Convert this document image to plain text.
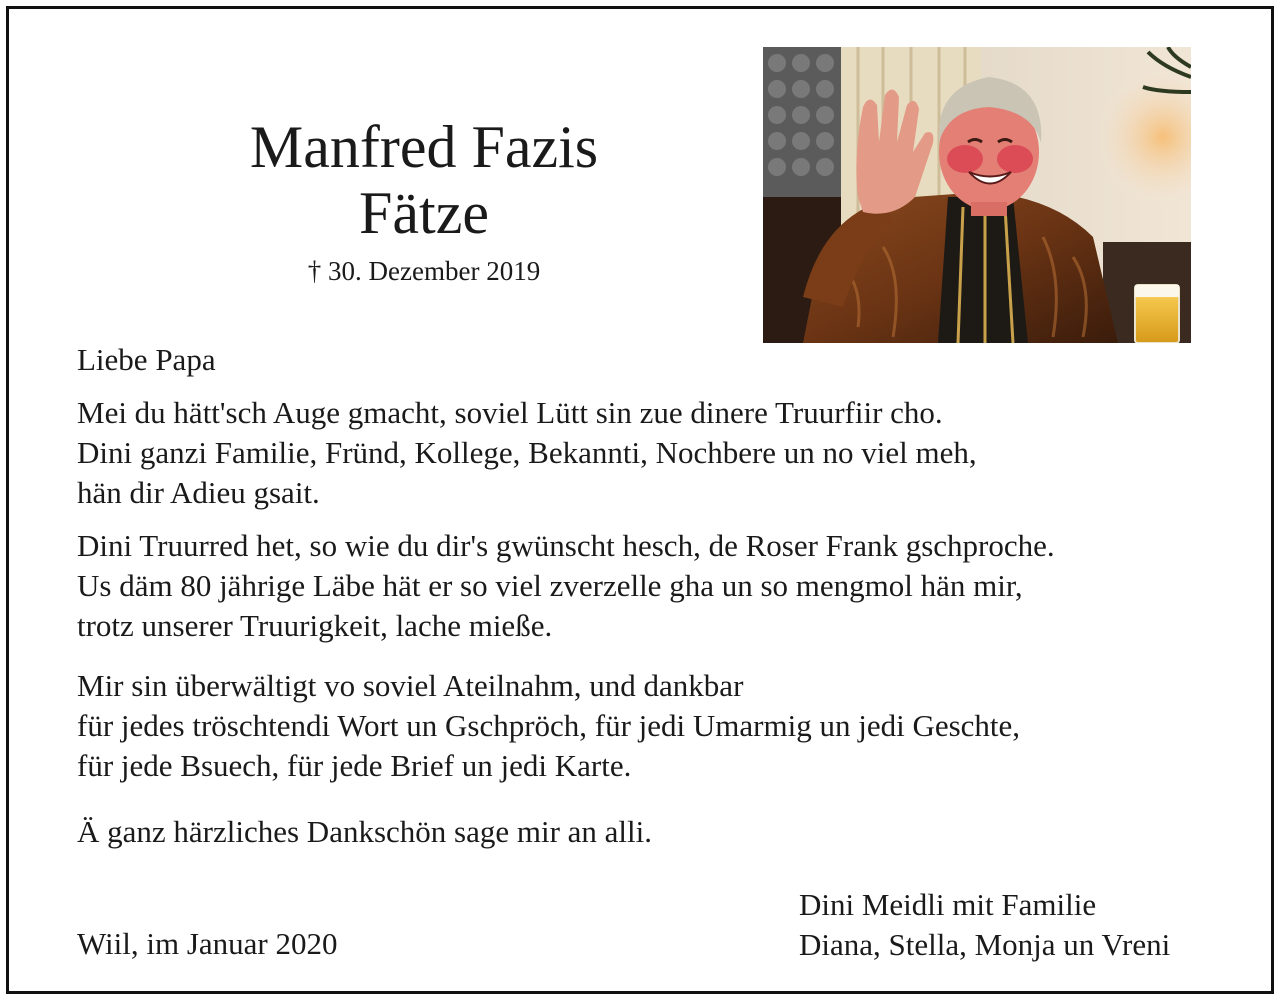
Manfred Fazis
Fätze
† 30. Dezember 2019

Liebe Papa

Mei du hätt'sch Auge gmacht, soviel Lütt sin zue dinere Truurfiir cho.
Dini ganzi Familie, Fründ, Kollege, Bekannti, Nochbere un no viel meh,
hän dir Adieu gsait.

Dini Truurred het, so wie du dir's gwünscht hesch, de Roser Frank gschproche.
Us däm 80 jährige Läbe hät er so viel zverzelle gha un so mengmol hän mir,
trotz unserer Truurigkeit, lache mieße.

Mir sin überwältigt vo soviel Ateilnahm, und dankbar
für jedes tröschtendi Wort un Gschpröch, für jedi Umarmig un jedi Geschte,
für jede Bsuech, für jede Brief un jedi Karte.

Ä ganz härzliches Dankschön sage mir an alli.

Wiil, im Januar 2020
Dini Meidli mit Familie
Diana, Stella, Monja un Vreni
